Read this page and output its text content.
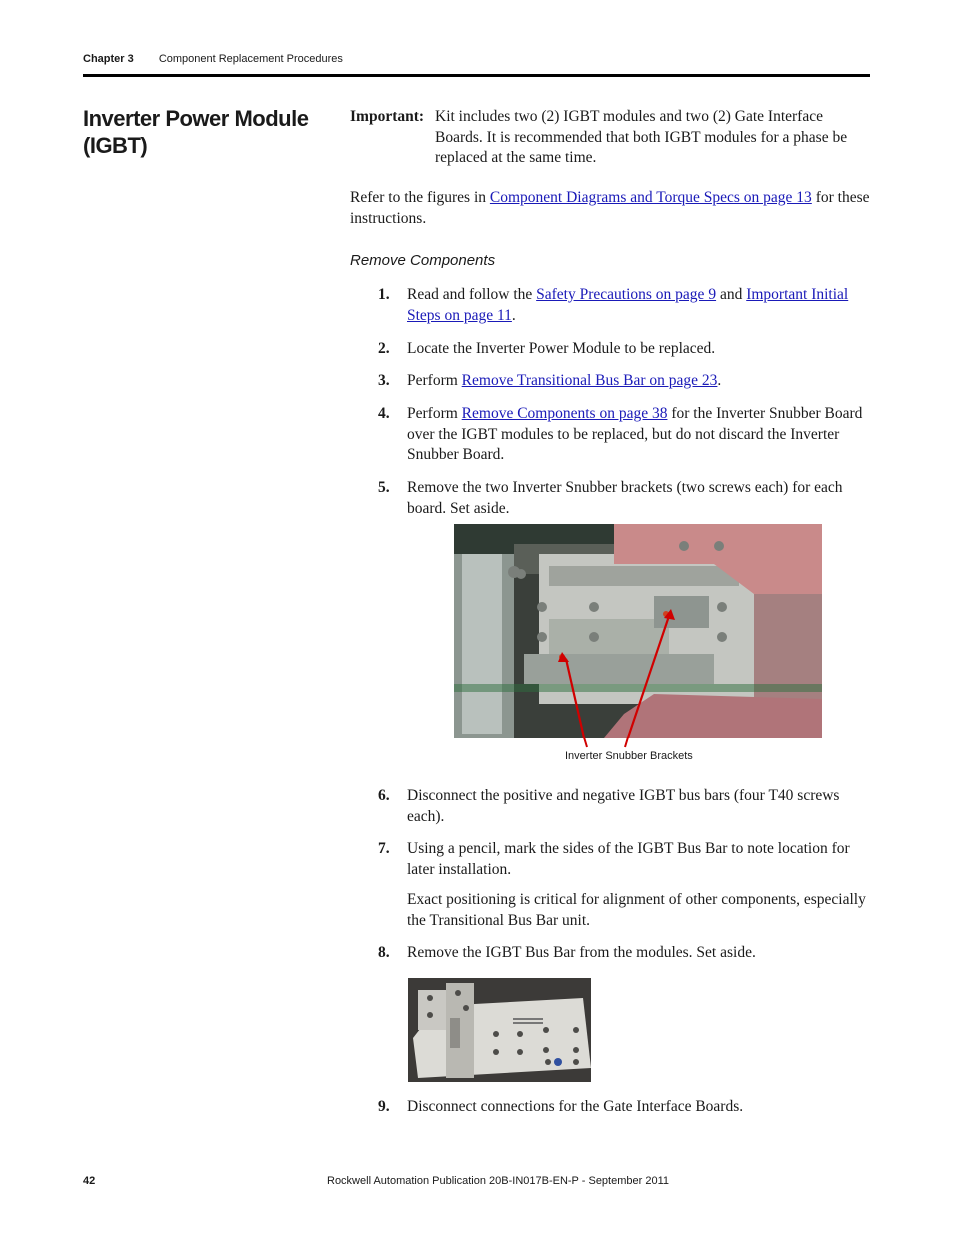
Chapter 3 Component Replacement Procedures
Inverter Power Module (IGBT)
Important: Kit includes two (2) IGBT modules and two (2) Gate Interface Boards. It is recommended that both IGBT modules for a phase be replaced at the same time.
Refer to the figures in Component Diagrams and Torque Specs on page 13 for these instructions.
Remove Components
1. Read and follow the Safety Precautions on page 9 and Important Initial Steps on page 11.
2. Locate the Inverter Power Module to be replaced.
3. Perform Remove Transitional Bus Bar on page 23.
4. Perform Remove Components on page 38 for the Inverter Snubber Board over the IGBT modules to be replaced, but do not discard the Inverter Snubber Board.
5. Remove the two Inverter Snubber brackets (two screws each) for each board. Set aside.
Inverter Snubber Brackets
6. Disconnect the positive and negative IGBT bus bars (four T40 screws each).
7. Using a pencil, mark the sides of the IGBT Bus Bar to note location for later installation.
Exact positioning is critical for alignment of other components, especially the Transitional Bus Bar unit.
8. Remove the IGBT Bus Bar from the modules. Set aside.
9. Disconnect connections for the Gate Interface Boards.
42	Rockwell Automation Publication 20B-IN017B-EN-P - September 2011
